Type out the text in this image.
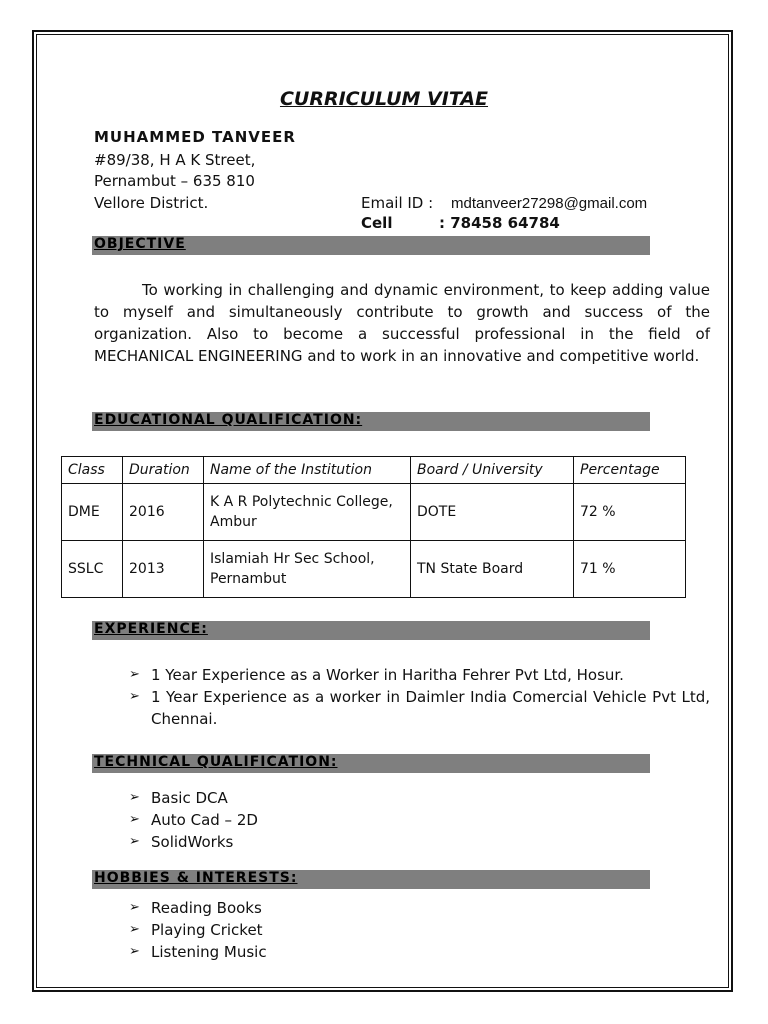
CURRICULUM VITAE
MUHAMMED TANVEER
#89/38, H A K Street,
Pernambut – 635 810
Vellore District.	Email ID : mdtanveer27298@gmail.com
Cell	: 78458 64784
OBJECTIVE
To working in challenging and dynamic environment, to keep adding value to myself and simultaneously contribute to growth and success of the organization. Also to become a successful professional in the field of MECHANICAL ENGINEERING and to work in an innovative and competitive world.
EDUCATIONAL QUALIFICATION:
Class	Duration	Name of the Institution	Board / University	Percentage
DME	2016	K A R Polytechnic College, Ambur	DOTE	72 %
SSLC	2013	Islamiah Hr Sec School, Pernambut	TN State Board	71 %
EXPERIENCE:
➢ 1 Year Experience as a Worker in Haritha Fehrer Pvt Ltd, Hosur.
➢ 1 Year Experience as a worker in Daimler India Comercial Vehicle Pvt Ltd, Chennai.
TECHNICAL QUALIFICATION:
➢ Basic DCA
➢ Auto Cad – 2D
➢ SolidWorks
HOBBIES & INTERESTS:
➢ Reading Books
➢ Playing Cricket
➢ Listening Music
